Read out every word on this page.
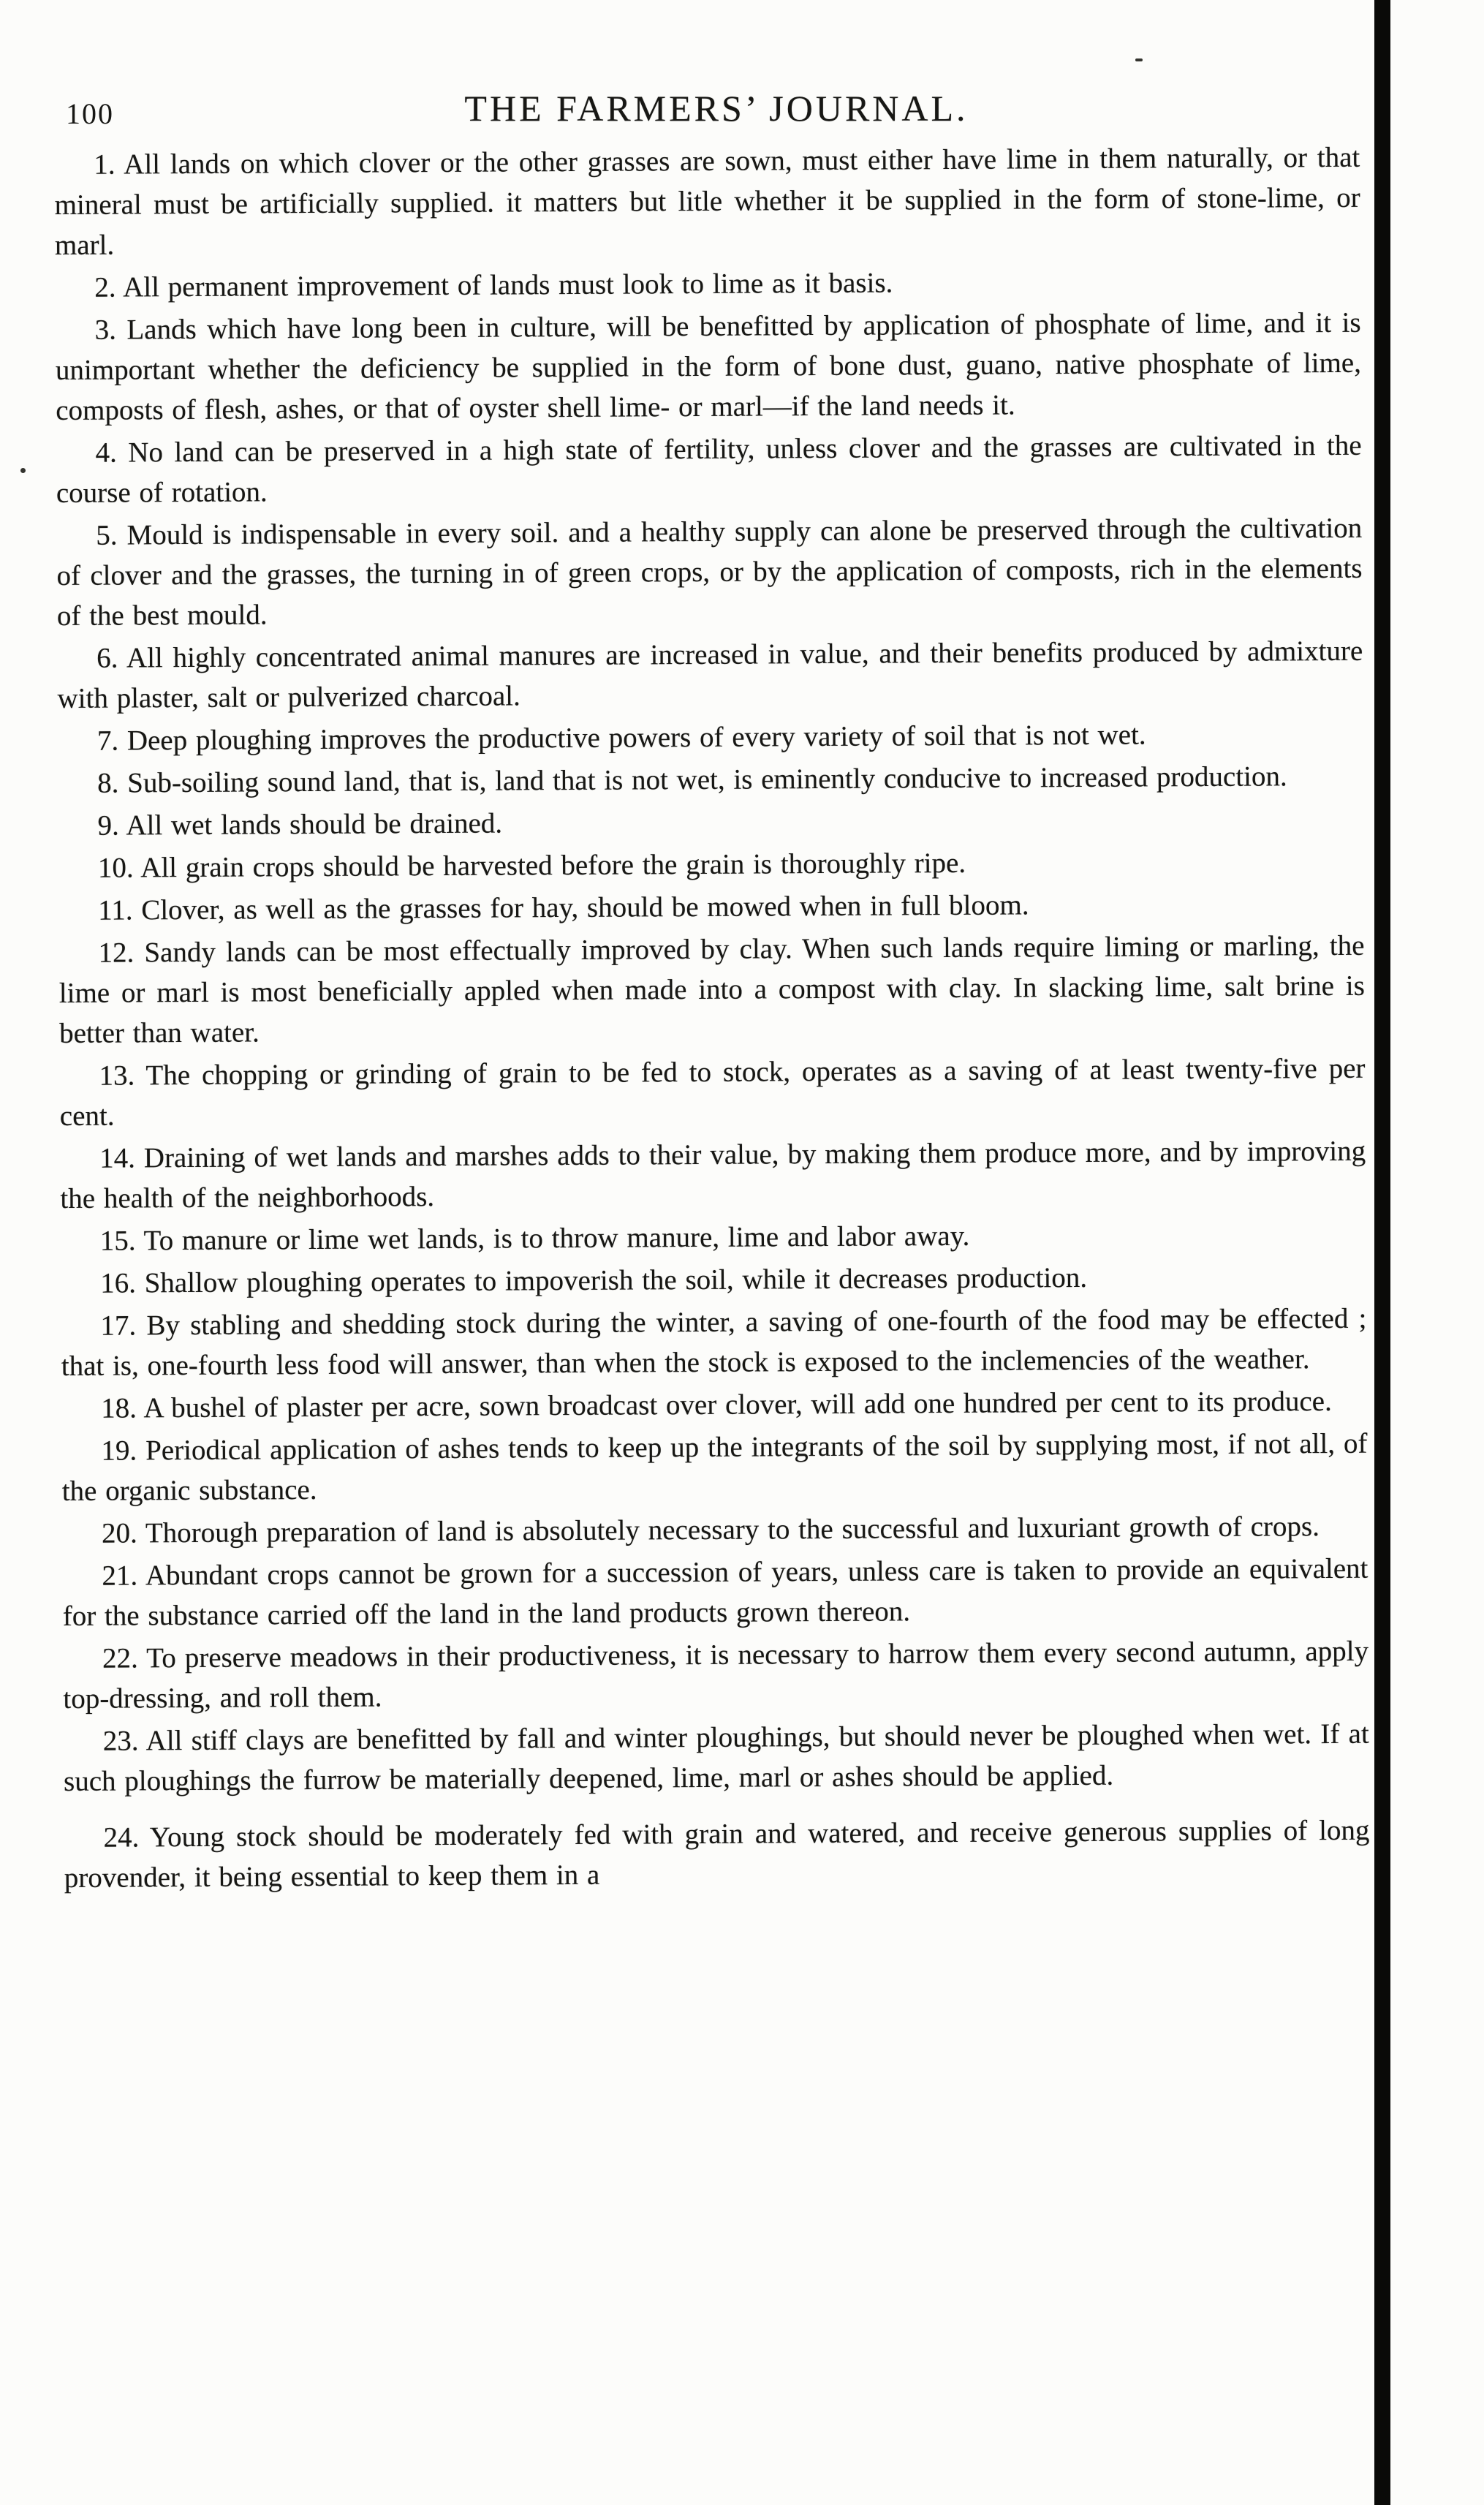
100	THE FARMERS’ JOURNAL.

1. All lands on which clover or the other grasses are sown, must either have lime in them naturally, or that mineral must be artificially supplied. it matters but litle whether it be supplied in the form of stone-lime, or marl.

2. All permanent improvement of lands must look to lime as it basis.

3. Lands which have long been in culture, will be benefitted by application of phosphate of lime, and it is unimportant whether the deficiency be supplied in the form of bone dust, guano, native phosphate of lime, composts of flesh, ashes, or that of oyster shell lime- or marl—if the land needs it.

4. No land can be preserved in a high state of fertility, unless clover and the grasses are cultivated in the course of rotation.

5. Mould is indispensable in every soil. and a healthy supply can alone be preserved through the cultivation of clover and the grasses, the turning in of green crops, or by the application of composts, rich in the elements of the best mould.

6. All highly concentrated animal manures are increased in value, and their benefits produced by admixture with plaster, salt or pulverized charcoal.

7. Deep ploughing improves the productive powers of every variety of soil that is not wet.

8. Sub-soiling sound land, that is, land that is not wet, is eminently conducive to increased production.

9. All wet lands should be drained.

10. All grain crops should be harvested before the grain is thoroughly ripe.

11. Clover, as well as the grasses for hay, should be mowed when in full bloom.

12. Sandy lands can be most effectually improved by clay. When such lands require liming or marling, the lime or marl is most beneficially appled when made into a compost with clay. In slacking lime, salt brine is better than water.

13. The chopping or grinding of grain to be fed to stock, operates as a saving of at least twenty-five per cent.

14. Draining of wet lands and marshes adds to their value, by making them produce more, and by improving the health of the neighborhoods.

15. To manure or lime wet lands, is to throw manure, lime and labor away.

16. Shallow ploughing operates to impoverish the soil, while it decreases production.

17. By stabling and shedding stock during the winter, a saving of one-fourth of the food may be effected ; that is, one-fourth less food will answer, than when the stock is exposed to the inclemencies of the weather.

18. A bushel of plaster per acre, sown broadcast over clover, will add one hundred per cent to its produce.

19. Periodical application of ashes tends to keep up the integrants of the soil by supplying most, if not all, of the organic substance.

20. Thorough preparation of land is absolutely necessary to the successful and luxuriant growth of crops.

21. Abundant crops cannot be grown for a succession of years, unless care is taken to provide an equivalent for the substance carried off the land in the land products grown thereon.

22. To preserve meadows in their productiveness, it is necessary to harrow them every second autumn, apply top-dressing, and roll them.

23. All stiff clays are benefitted by fall and winter ploughings, but should never be ploughed when wet. If at such ploughings the furrow be materially deepened, lime, marl or ashes should be applied.

24. Young stock should be moderately fed with grain and watered, and receive generous supplies of long provender, it being essential to keep them in a
